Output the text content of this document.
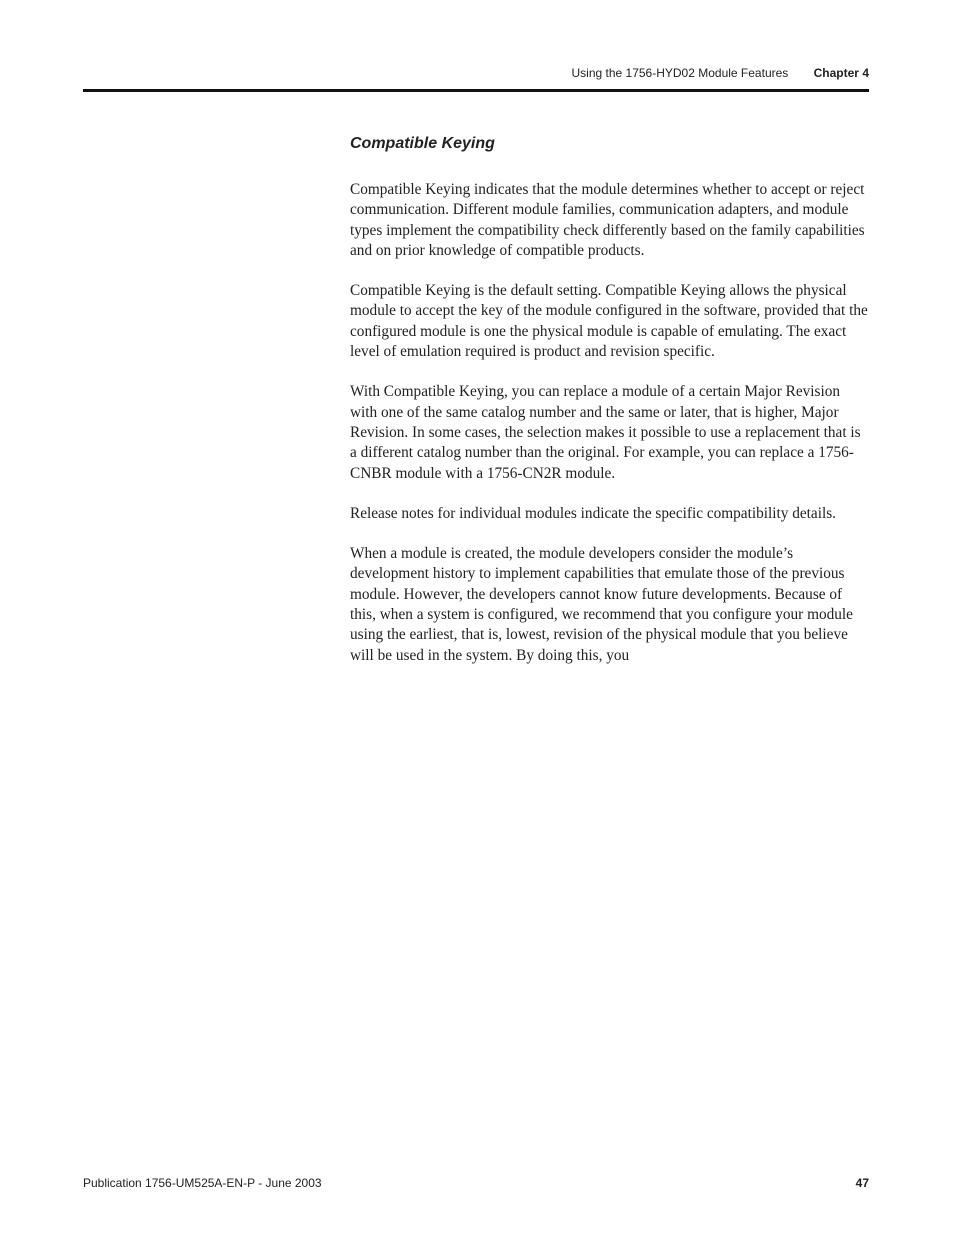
Using the 1756-HYD02 Module Features Chapter 4
Compatible Keying

Compatible Keying indicates that the module determines whether to accept or reject communication. Different module families, communication adapters, and module types implement the compatibility check differently based on the family capabilities and on prior knowledge of compatible products.

Compatible Keying is the default setting. Compatible Keying allows the physical module to accept the key of the module configured in the software, provided that the configured module is one the physical module is capable of emulating. The exact level of emulation required is product and revision specific.

With Compatible Keying, you can replace a module of a certain Major Revision with one of the same catalog number and the same or later, that is higher, Major Revision. In some cases, the selection makes it possible to use a replacement that is a different catalog number than the original. For example, you can replace a 1756-CNBR module with a 1756-CN2R module.

Release notes for individual modules indicate the specific compatibility details.

When a module is created, the module developers consider the module’s development history to implement capabilities that emulate those of the previous module. However, the developers cannot know future developments. Because of this, when a system is configured, we recommend that you configure your module using the earliest, that is, lowest, revision of the physical module that you believe will be used in the system. By doing this, you

Publication 1756-UM525A-EN-P - June 2003	47
